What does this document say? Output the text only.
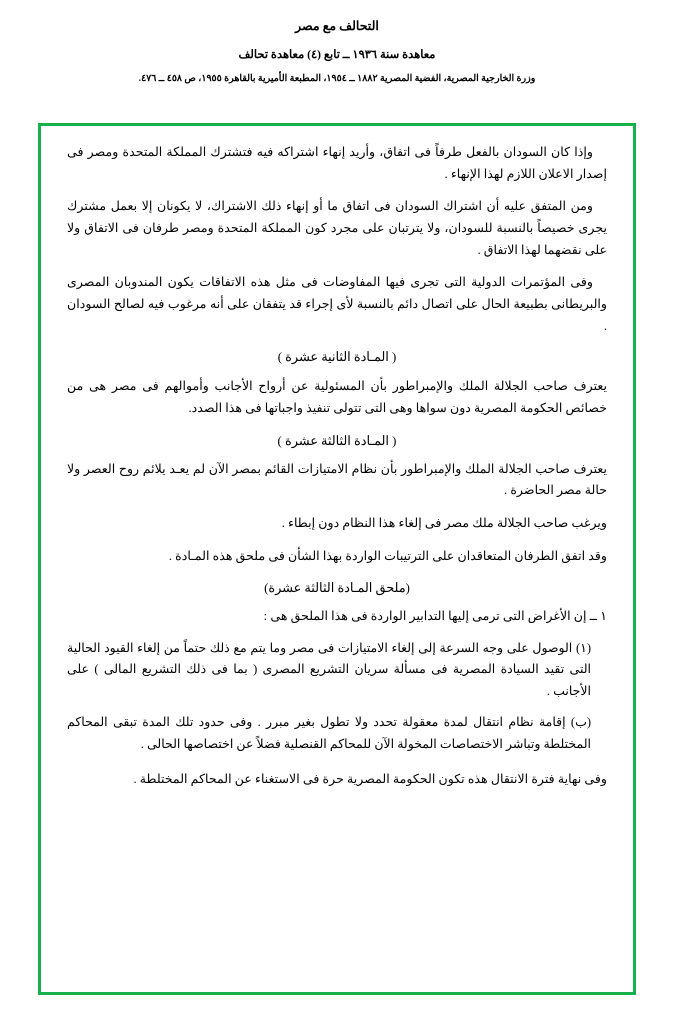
التحالف مع مصر
معاهدة سنة ١٩٣٦ ــ تابع (٤) معاهدة تحالف
وزرة الخارجية المصرية، الفضية المصرية ١٨٨٢ ــ ١٩٥٤، المطبعة الأميرية بالقاهرة ١٩٥٥، ص ٤٥٨ ــ ٤٧٦.

وإذا كان السودان بالفعل طرفاً فى اتفاق، وأريد إنهاء اشتراكه فيه فتشترك المملكة المتحدة ومصر فى إصدار الاعلان اللازم لهذا الإنهاء .

ومن المتفق عليه أن اشتراك السودان فى اتفاق ما أو إنهاء ذلك الاشتراك، لا يكونان إلا بعمل مشترك يجرى خصيصاً بالنسبة للسودان، ولا يترتبان على مجرد كون المملكة المتحدة ومصر طرفان فى الاتفاق ولا على نقضهما لهذا الاتفاق .

وفى المؤتمرات الدولية التى تجرى فيها المفاوضات فى مثل هذه الاتفاقات يكون المندوبان المصرى والبريطانى بطبيعة الحال على اتصال دائم بالنسبة لأى إجراء قد يتفقان على أنه مرغوب فيه لصالح السودان .

( المـادة الثانية عشرة )

يعترف صاحب الجلالة الملك والإمبراطور بأن المسئولية عن أرواح الأجانب وأموالهم فى مصر هى من خصائص الحكومة المصرية دون سواها وهى التى تتولى تنفيذ واجباتها فى هذا الصدد.

( المـادة الثالثة عشرة )

يعترف صاحب الجلالة الملك والإمبراطور بأن نظام الامتيازات القائم بمصر الآن لم يعـد يلائم روح العصر ولا حالة مصر الحاضرة .

ويرغب صاحب الجلالة ملك مصر فى إلغاء هذا النظام دون إبطاء .

وقد اتفق الطرفان المتعاقدان على الترتيبات الواردة بهذا الشأن فى ملحق هذه المـادة .

(ملحق المـادة الثالثة عشرة)

١ ــ إن الأغراض التى ترمى إليها التدابير الواردة فى هذا الملحق هى :

(١) الوصول على وجه السرعة إلى إلغاء الامتيازات فى مصر وما يتم مع ذلك حتماً من إلغاء القيود الحالية التى تقيد السيادة المصرية فى مسألة سريان التشريع المصرى ( بما فى ذلك التشريع المالى ) على الأجانب .

(ب) إقامة نظام انتقال لمدة معقولة تحدد ولا تطول بغير مبرر . وفى حدود تلك المدة تبقى المحاكم المختلطة وتباشر الاختصاصات المخولة الآن للمحاكم القنصلية فضلاً عن اختصاصها الحالى .

وفى نهاية فترة الانتقال هذه تكون الحكومة المصرية حرة فى الاستغناء عن المحاكم المختلطة .
